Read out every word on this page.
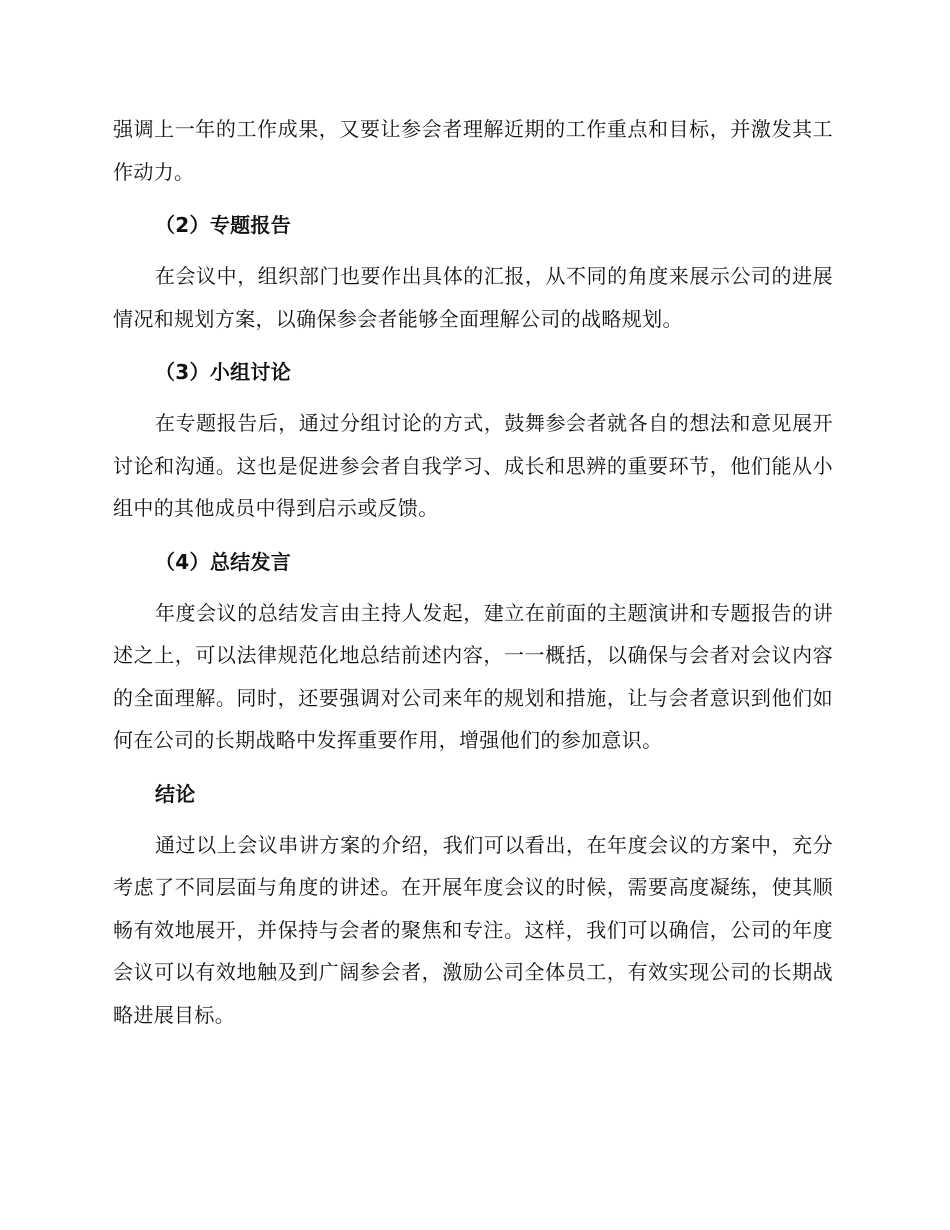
强调上一年的工作成果，又要让参会者理解近期的工作重点和目标，并激发其工作动力。

（2）专题报告

在会议中，组织部门也要作出具体的汇报，从不同的角度来展示公司的进展情况和规划方案，以确保参会者能够全面理解公司的战略规划。

（3）小组讨论

在专题报告后，通过分组讨论的方式，鼓舞参会者就各自的想法和意见展开讨论和沟通。这也是促进参会者自我学习、成长和思辨的重要环节，他们能从小组中的其他成员中得到启示或反馈。

（4）总结发言

年度会议的总结发言由主持人发起，建立在前面的主题演讲和专题报告的讲述之上，可以法律规范化地总结前述内容，一一概括，以确保与会者对会议内容的全面理解。同时，还要强调对公司来年的规划和措施，让与会者意识到他们如何在公司的长期战略中发挥重要作用，增强他们的参加意识。

结论

通过以上会议串讲方案的介绍，我们可以看出，在年度会议的方案中，充分考虑了不同层面与角度的讲述。在开展年度会议的时候，需要高度凝练，使其顺畅有效地展开，并保持与会者的聚焦和专注。这样，我们可以确信，公司的年度会议可以有效地触及到广阔参会者，激励公司全体员工，有效实现公司的长期战略进展目标。
